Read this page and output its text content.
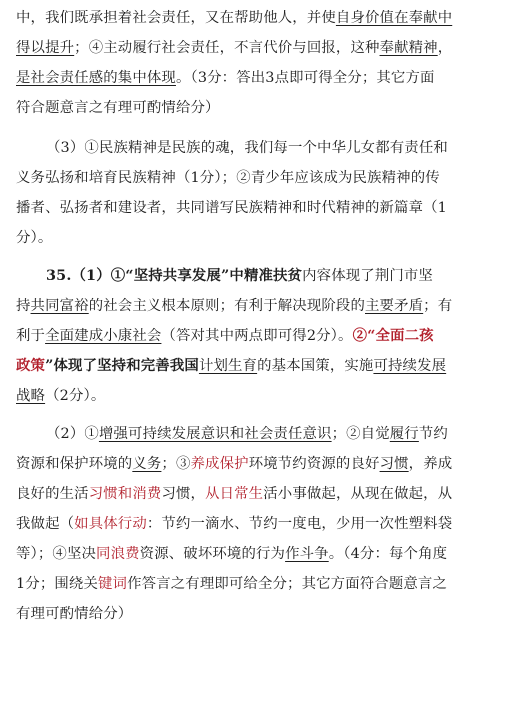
中，我们既承担着社会责任，又在帮助他人，并使自身价值在奉献中
得以提升；④主动履行社会责任，不言代价与回报，这种奉献精神，
是社会责任感的集中体现。（3分：答出3点即可得全分；其它方面
符合题意言之有理可酌情给分）
（3）①民族精神是民族的魂，我们每一个中华儿女都有责任和
义务弘扬和培育民族精神（1分）；②青少年应该成为民族精神的传
播者、弘扬者和建设者，共同谱写民族精神和时代精神的新篇章（1
分）。
35.（1）①“坚持共享发展”中精准扶贫内容体现了荆门市坚
持共同富裕的社会主义根本原则；有利于解决现阶段的主要矛盾；有
利于全面建成小康社会（答对其中两点即可得2分）。②“全面二孩
政策”体现了坚持和完善我国计划生育的基本国策，实施可持续发展
战略（2分）。
（2）①增强可持续发展意识和社会责任意识；②自觉履行节约
资源和保护环境的义务；③养成保护环境节约资源的良好习惯，养成
良好的生活习惯和消费习惯，从日常生活小事做起，从现在做起，从
我做起（如具体行动：节约一滴水、节约一度电，少用一次性塑料袋
等）；④坚决同浪费资源、破坏环境的行为作斗争。（4分：每个角度
1分；围绕关键词作答言之有理即可给全分；其它方面符合题意言之
有理可酌情给分）
